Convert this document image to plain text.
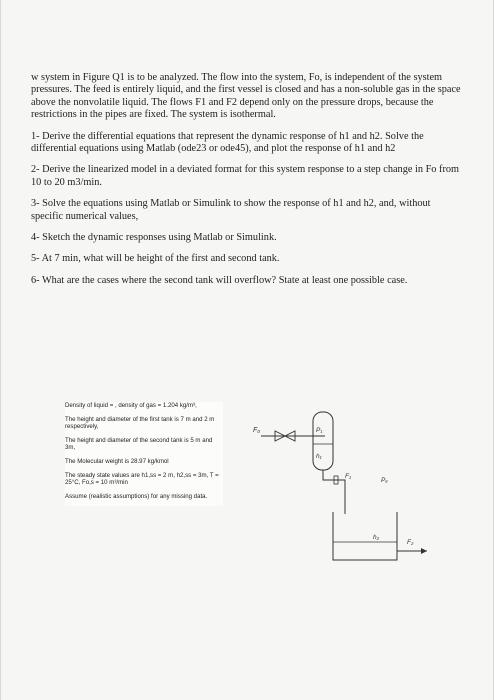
w system in Figure Q1 is to be analyzed. The flow into the system, Fo, is independent of the system pressures. The feed is entirely liquid, and the first vessel is closed and has a non-soluble gas in the space above the nonvolatile liquid. The flows F1 and F2 depend only on the pressure drops, because the restrictions in the pipes are fixed. The system is isothermal.

1- Derive the differential equations that represent the dynamic response of h1 and h2. Solve the differential equations using Matlab (ode23 or ode45), and plot the response of h1 and h2

2- Derive the linearized model in a deviated format for this system response to a step change in Fo from 10 to 20 m3/min.

3- Solve the equations using Matlab or Simulink to show the response of h1 and h2, and, without specific numerical values,

4- Sketch the dynamic responses using Matlab or Simulink.

5- At 7 min, what will be height of the first and second tank.

6- What are the cases where the second tank will overflow? State at least one possible case.

Density of liquid = , density of gas = 1.204 kg/m³,
The height and diameter of the first tank is 7 m and 2 m respectively,
The height and diameter of the second tank is 5 m and 3m,
The Molecular weight is 28.97 kg/kmol
The steady state values are h1,ss = 2 m, h2,ss = 3m, T = 25°C, Fo,s = 10 m³/min
Assume (realistic assumptions) for any missing data.
F₀	P₁
h₁
F₁
Pₐ
h₂
F₂
